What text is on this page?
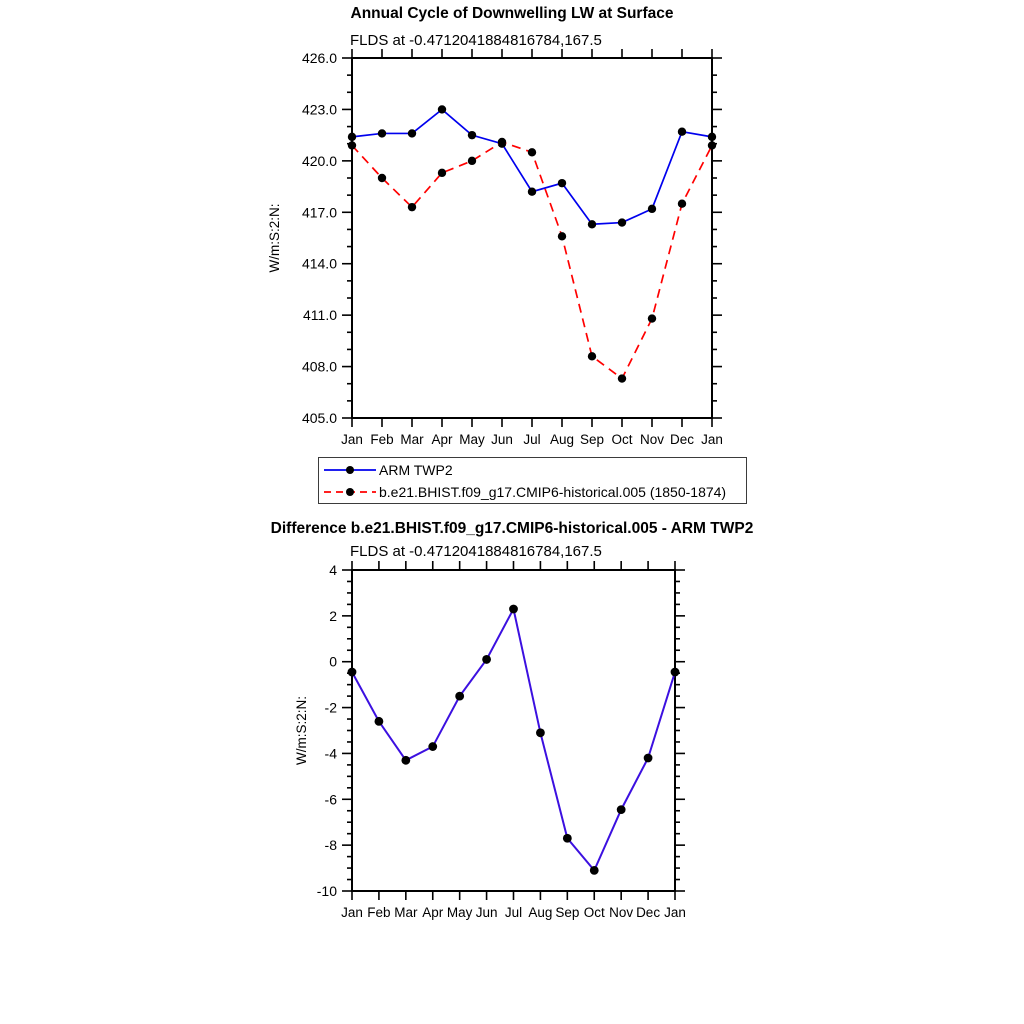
405.0
408.0
411.0
414.0
417.0
420.0
423.0
426.0
Jan Feb Mar Apr May Jun Jul Aug Sep Oct Nov Dec Jan
W/m:S:2:N:
-10
-8
-6
-4
-2
0
2
4
Jan Feb Mar Apr May Jun Jul Aug Sep Oct Nov Dec Jan
W/m:S:2:N:
Annual Cycle of Downwelling LW at Surface
FLDS at -0.4712041884816784,167.5
ARM TWP2
b.e21.BHIST.f09_g17.CMIP6-historical.005 (1850-1874)
Difference b.e21.BHIST.f09_g17.CMIP6-historical.005 - ARM TWP2
FLDS at -0.4712041884816784,167.5
